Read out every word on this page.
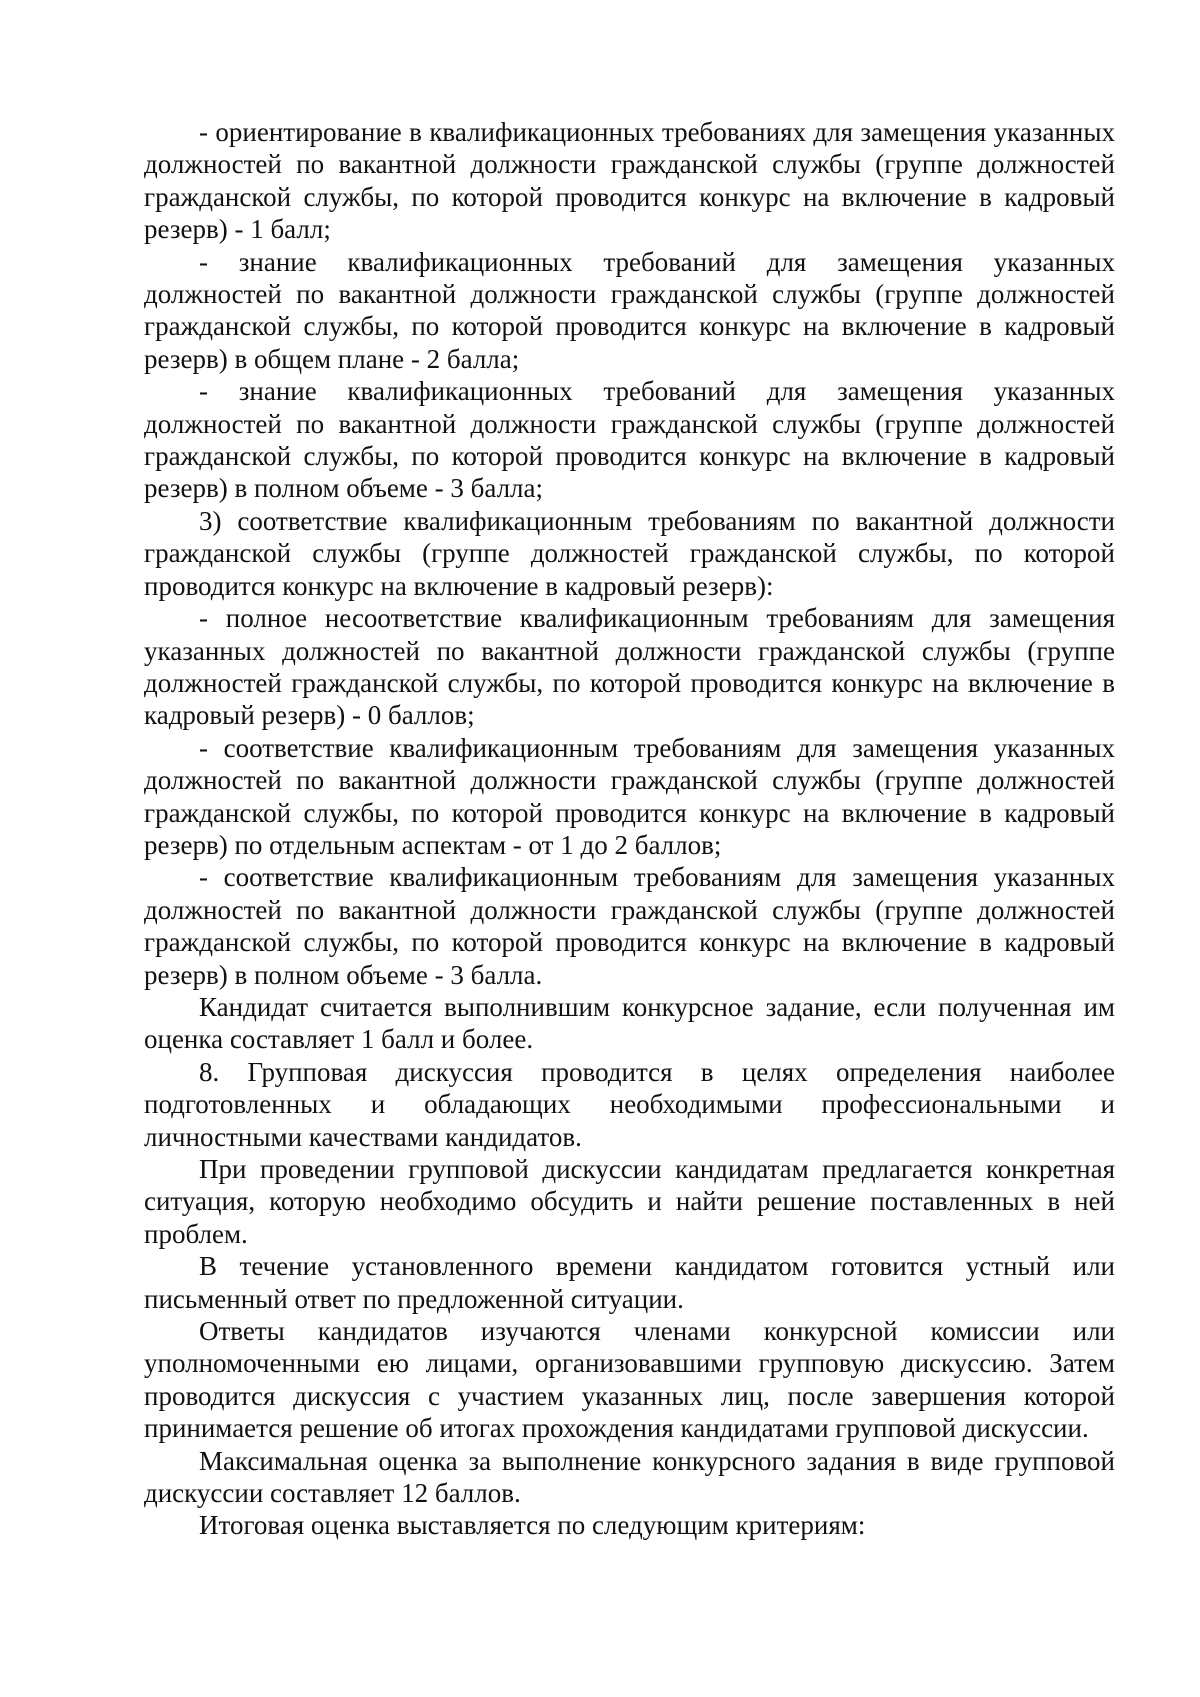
- ориентирование в квалификационных требованиях для замещения указанных должностей по вакантной должности гражданской службы (группе должностей гражданской службы, по которой проводится конкурс на включение в кадровый резерв) - 1 балл;

- знание квалификационных требований для замещения указанных должностей по вакантной должности гражданской службы (группе должностей гражданской службы, по которой проводится конкурс на включение в кадровый резерв) в общем плане - 2 балла;

- знание квалификационных требований для замещения указанных должностей по вакантной должности гражданской службы (группе должностей гражданской службы, по которой проводится конкурс на включение в кадровый резерв) в полном объеме - 3 балла;

3) соответствие квалификационным требованиям по вакантной должности гражданской службы (группе должностей гражданской службы, по которой проводится конкурс на включение в кадровый резерв):

- полное несоответствие квалификационным требованиям для замещения указанных должностей по вакантной должности гражданской службы (группе должностей гражданской службы, по которой проводится конкурс на включение в кадровый резерв) - 0 баллов;

- соответствие квалификационным требованиям для замещения указанных должностей по вакантной должности гражданской службы (группе должностей гражданской службы, по которой проводится конкурс на включение в кадровый резерв) по отдельным аспектам - от 1 до 2 баллов;

- соответствие квалификационным требованиям для замещения указанных должностей по вакантной должности гражданской службы (группе должностей гражданской службы, по которой проводится конкурс на включение в кадровый резерв) в полном объеме - 3 балла.

Кандидат считается выполнившим конкурсное задание, если полученная им оценка составляет 1 балл и более.

8. Групповая дискуссия проводится в целях определения наиболее подготовленных и обладающих необходимыми профессиональными и личностными качествами кандидатов.

При проведении групповой дискуссии кандидатам предлагается конкретная ситуация, которую необходимо обсудить и найти решение поставленных в ней проблем.

В течение установленного времени кандидатом готовится устный или письменный ответ по предложенной ситуации.

Ответы кандидатов изучаются членами конкурсной комиссии или уполномоченными ею лицами, организовавшими групповую дискуссию. Затем проводится дискуссия с участием указанных лиц, после завершения которой принимается решение об итогах прохождения кандидатами групповой дискуссии.

Максимальная оценка за выполнение конкурсного задания в виде групповой дискуссии составляет 12 баллов.

Итоговая оценка выставляется по следующим критериям:
